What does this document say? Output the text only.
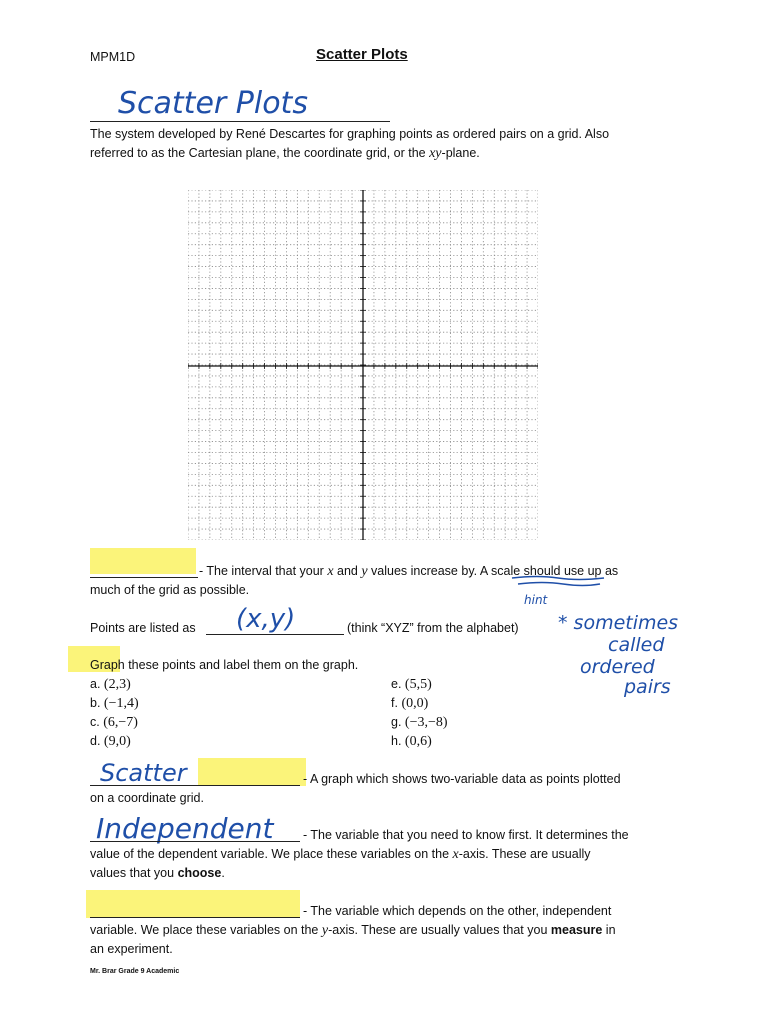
MPM1D	Scatter Plots
Scatter Plots
The system developed by René Descartes for graphing points as ordered pairs on a grid. Also
referred to as the Cartesian plane, the coordinate grid, or the xy-plane.
- The interval that your x and y values increase by. A scale should use up as
much of the grid as possible.
hint
Points are listed as (x,y)	(think “XYZ” from the alphabet) * sometimes
called
ordered
pairs
Graph these points and label them on the graph.
a. (2,3)
b. (−1,4)
c. (6,−7)
d. (9,0)
e. (5,5)
f. (0,0)
g. (−3,−8)
h. (0,6)
Scatter	- A graph which shows two-variable data as points plotted
on a coordinate grid.
Independent - The variable that you need to know first. It determines the
value of the dependent variable. We place these variables on the x-axis. These are usually
values that you choose.
- The variable which depends on the other, independent
variable. We place these variables on the y-axis. These are usually values that you measure in
an experiment.
Mr. Brar Grade 9 Academic
